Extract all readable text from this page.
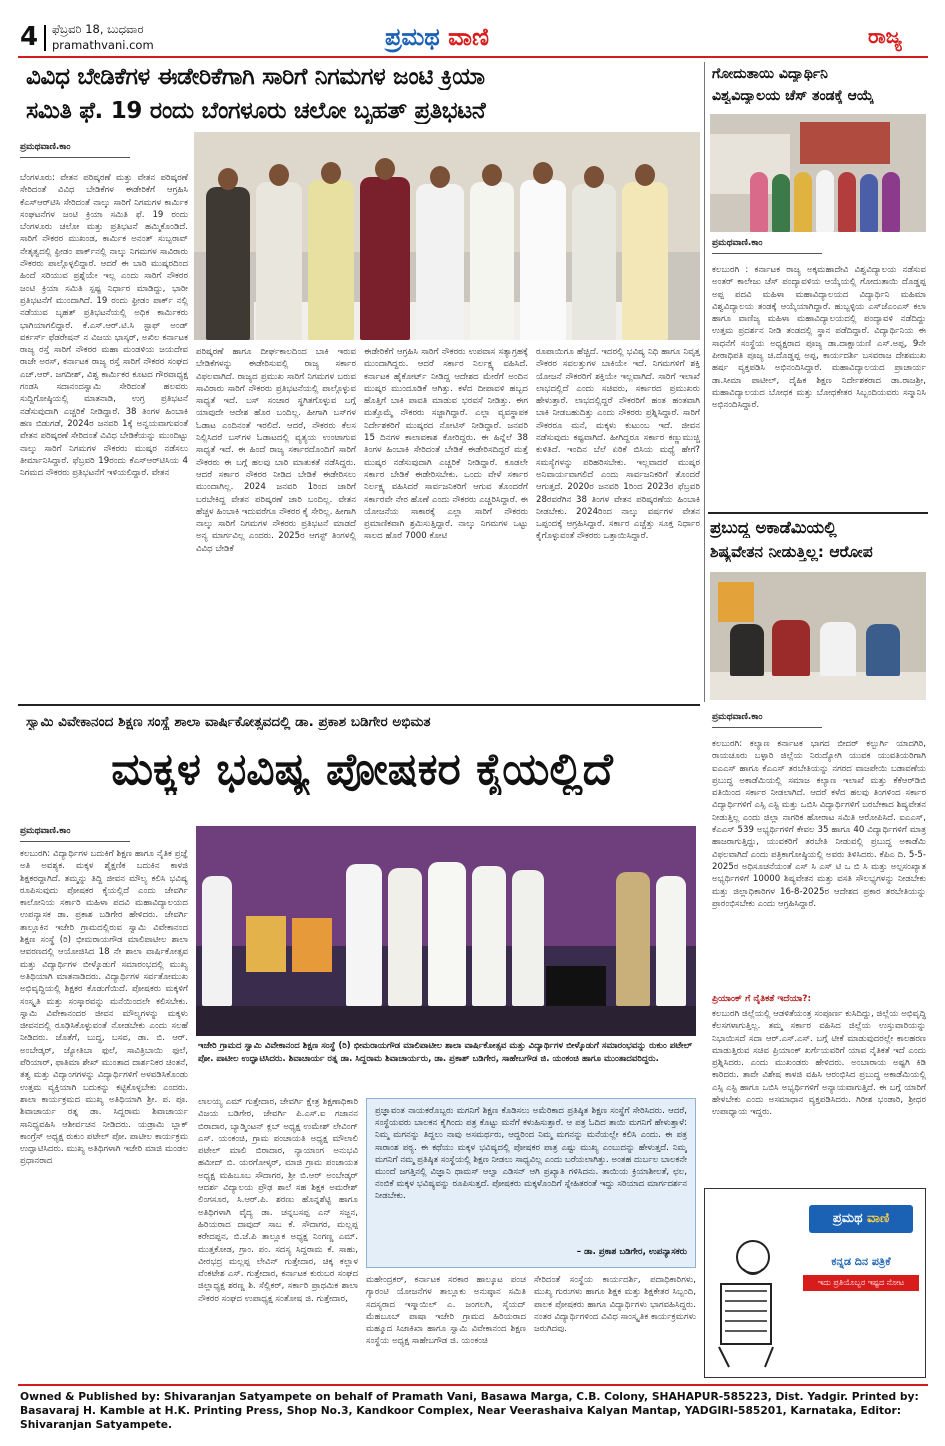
4 ಫೆಬ್ರವರಿ 18, ಬುಧವಾರ
pramathvani.com	ಪ್ರಮಥ ವಾಣಿ	ರಾಜ್ಯ
ವಿವಿಧ ಬೇಡಿಕೆಗಳ ಈಡೇರಿಕೆಗಾಗಿ ಸಾರಿಗೆ ನಿಗಮಗಳ ಜಂಟಿ ಕ್ರಿಯಾ
ಸಮಿತಿ ಫೆ. 19 ರಂದು ಬೆಂಗಳೂರು ಚಲೋ ಬೃಹತ್ ಪ್ರತಿಭಟನೆ
ಪ್ರಮಥವಾಣಿ.ಕಾಂ
ಬೆಂಗಳೂರು: ವೇತನ ಪರಿಷ್ಕರಣೆ ಮತ್ತು ವೇತನ ಪರಿಷ್ಕರಣೆ ಸೇರಿದಂತೆ ವಿವಿಧ ಬೇಡಿಕೆಗಳ ಈಡೇರಿಕೆಗೆ ಆಗ್ರಹಿಸಿ ಕೆಎಸ್‌ಆರ್‌ಟಿಸಿ ಸೇರಿದಂತೆ ನಾಲ್ಕು ಸಾರಿಗೆ ನಿಗಮಗಳ ಕಾರ್ಮಿಕ ಸಂಘಟನೆಗಳ ಜಂಟಿ ಕ್ರಿಯಾ ಸಮಿತಿ ಫೆ. 19 ರಂದು ಬೆಂಗಳೂರು ಚಲೋ ಮತ್ತು ಪ್ರತಿಭಟನೆ ಹಮ್ಮಿಕೊಂಡಿದೆ. ಸಾರಿಗೆ ನೌಕರರ ಮುಖಂಡ, ಕಾರ್ಮಿಕ ಅನಂತ್ ಸುಬ್ಬರಾವ್ ನೇತೃತ್ವದಲ್ಲಿ ಫ್ರೀಡಂ ಪಾರ್ಕ್‌ನಲ್ಲಿ ನಾಲ್ಕು ನಿಗಮಗಳ ಸಾವಿರಾರು ನೌಕರರು ಪಾಲ್ಗೊಳ್ಳಲಿದ್ದಾರೆ. ಆದರೆ ಈ ಬಾರಿ ಮುಷ್ಕರದಿಂದ ಹಿಂದೆ ಸರಿಯುವ ಪ್ರಶ್ನೆಯೇ ಇಲ್ಲ ಎಂದು ಸಾರಿಗೆ ನೌಕರರ ಜಂಟಿ ಕ್ರಿಯಾ ಸಮಿತಿ ಸ್ಪಷ್ಟ ನಿರ್ಧಾರ ಮಾಡಿದ್ದು, ಭಾರೀ ಪ್ರತಿಭಟನೆಗೆ ಮುಂದಾಗಿದೆ. 19 ರಂದು ಫ್ರೀಡಂ ಪಾರ್ಕ್ ನಲ್ಲಿ ನಡೆಯುವ ಬೃಹತ್ ಪ್ರತಿಭಟನೆಯಲ್ಲಿ ಅಧಿಕ ಕಾರ್ಮಿಕರು ಭಾಗಿಯಾಗಲಿದ್ದಾರೆ. ಕೆ.ಎಸ್.ಆರ್.ಟಿ.ಸಿ ಸ್ಟಾಫ್ ಅಂಡ್ ವರ್ಕರ್ಸ್ ಫೆಡರೇಷನ್ ನ ವಿಜಯ ಭಾಸ್ಕರ್, ಅಖಿಲ ಕರ್ನಾಟಕ ರಾಜ್ಯ ರಸ್ತೆ ಸಾರಿಗೆ ನೌಕರರ ಮಹಾ ಮಂಡಳಿಯ ಜಯದೇವ ರಾಜೇ ಅರಸ್, ಕರ್ನಾಟಕ ರಾಜ್ಯ ರಸ್ತೆ ಸಾರಿಗೆ ನೌಕರರ ಸಂಘದ ಎಚ್.ಆರ್. ಜಗದೀಶ್, ವಿಶ್ವ ಕಾರ್ಮಿಕರ ಕೂಟದ ಗೌರವಾಧ್ಯಕ್ಷ ಗಂಡಸಿ ಸದಾನಂದಸ್ವಾಮಿ ಸೇರಿದಂತೆ ಹಲವರು ಸುದ್ದಿಗೋಷ್ಠಿಯಲ್ಲಿ ಮಾತನಾಡಿ, ಉಗ್ರ ಪ್ರತಿಭಟನೆ ನಡೆಸುವುದಾಗಿ ಎಚ್ಚರಿಕೆ ನೀಡಿದ್ದಾರೆ. 38 ತಿಂಗಳ ಹಿಂಬಾಕಿ ಹಣ ಬಿಡುಗಡೆ, 2024ರ ಜನವರಿ 1ಕ್ಕೆ ಅನ್ವಯವಾಗುವಂತೆ ವೇತನ ಪರಿಷ್ಕರಣೆ ಸೇರಿದಂತೆ ವಿವಿಧ ಬೇಡಿಕೆಯನ್ನು ಮುಂದಿಟ್ಟು ನಾಲ್ಕು ಸಾರಿಗೆ ನಿಗಮಗಳ ನೌಕರರು ಮುಷ್ಕರ ನಡೆಸಲು ತೀರ್ಮಾನಿಸಿದ್ದಾರೆ. ಫೆಬ್ರವರಿ 19ರಂದು ಕೆಎಸ್‌ಆರ್‌ಟಿಸಿಯ 4 ನಿಗಮದ ನೌಕರರು ಪ್ರತಿಭಟನೆಗೆ ಇಳಿಯಲಿದ್ದಾರೆ. ವೇತನ
ಪರಿಷ್ಕರಣೆ ಹಾಗೂ ದೀರ್ಘಕಾಲದಿಂದ ಬಾಕಿ ಇರುವ ಬೇಡಿಕೆಗಳನ್ನು ಈಡೇರಿಸುವಲ್ಲಿ ರಾಜ್ಯ ಸರ್ಕಾರ ವಿಫಲವಾಗಿದೆ. ರಾಜ್ಯದ ಪ್ರಮುಖ ಸಾರಿಗೆ ನಿಗಮಗಳ ಬರುವ ಸಾವಿರಾರು ಸಾರಿಗೆ ನೌಕರರು ಪ್ರತಿಭಟನೆಯಲ್ಲಿ ಪಾಲ್ಗೊಳ್ಳುವ ಸಾಧ್ಯತೆ ಇದೆ. ಬಸ್ ಸಂಚಾರ ಸ್ಥಗಿತಗೊಳ್ಳುವ ಬಗ್ಗೆ ಯಾವುದೇ ಆದೇಶ ಹೊರ ಬಂದಿಲ್ಲ. ಹೀಗಾಗಿ ಬಸ್‌ಗಳ ಓಡಾಟ ಎಂದಿನಂತೆ ಇರಲಿದೆ. ಆದರೆ, ನೌಕರರು ಕೆಲಸ ನಿಲ್ಲಿಸಿದರೆ ಬಸ್‌ಗಳ ಓಡಾಟದಲ್ಲಿ ವ್ಯತ್ಯಯ ಉಂಟಾಗುವ ಸಾಧ್ಯತೆ ಇದೆ. ಈ ಹಿಂದೆ ರಾಜ್ಯ ಸರ್ಕಾರದೊಂದಿಗೆ ಸಾರಿಗೆ ನೌಕರರು ಈ ಬಗ್ಗೆ ಹಲವು ಬಾರಿ ಮಾತುಕತೆ ನಡೆಸಿದ್ದರು. ಆದರೆ ಸರ್ಕಾರ ನೌಕರರ ನೀಡಿದ ಬೇಡಿಕೆ ಈಡೇರಿಸಲು ಮುಂದಾಗಿಲ್ಲ. 2024 ಜನವರಿ 1ರಿಂದ ಜಾರಿಗೆ ಬರಬೇಕಿದ್ದ ವೇತನ ಪರಿಷ್ಕರಣೆ ಜಾರಿ ಬಂದಿಲ್ಲ. ವೇತನ ಹೆಚ್ಚಳ ಹಿಂಬಾಕಿ ಇದುವರೆಗೂ ನೌಕರರ ಕೈ ಸೇರಿಲ್ಲ. ಹೀಗಾಗಿ ನಾಲ್ಕು ಸಾರಿಗೆ ನಿಗಮಗಳ ನೌಕರರು ಪ್ರತಿಭಟನೆ ಮಾಡದೆ ಅನ್ಯ ಮಾರ್ಗವಿಲ್ಲ ಎಂದರು. 2025ರ ಆಗಸ್ಟ್ ತಿಂಗಳಲ್ಲಿ ವಿವಿಧ ಬೇಡಿಕೆ
ಈಡೇರಿಕೆಗೆ ಆಗ್ರಹಿಸಿ ಸಾರಿಗೆ ನೌಕರರು ಉಪವಾಸ ಸತ್ಯಾಗ್ರಹಕ್ಕೆ ಮುಂದಾಗಿದ್ದರು. ಆದರೆ ಸರ್ಕಾರ ನಿರ್ಲಕ್ಷ್ಯ ವಹಿಸಿದೆ. ಕರ್ನಾಟಕ ಹೈಕೋರ್ಟ್ ನೀಡಿದ್ದ ಆದೇಶದ ಮೇರೆಗೆ ಅಂದಿನ ಮುಷ್ಕರ ಮುಂದೂಡಿಕೆ ಆಗಿತ್ತು. ಕಳೆದ ದೀಪಾವಳಿ ಹಬ್ಬದ ಹೊತ್ತಿಗೆ ಬಾಕಿ ಪಾವತಿ ಮಾಡುವ ಭರವಸೆ ನೀಡಿತ್ತು. ಈಗ ಮತ್ತೊಮ್ಮೆ ನೌಕರರು ಸಜ್ಜಾಗಿದ್ದಾರೆ. ಎಲ್ಲಾ ವ್ಯವಸ್ಥಾಪಕ ನಿರ್ದೇಶಕರಿಗೆ ಮುಷ್ಕರದ ನೋಟಿಸ್ ನೀಡಿದ್ದಾರೆ. ಜನವರಿ 15 ದಿನಗಳ ಕಾಲಾವಕಾಶ ಕೋರಿದ್ದರು. ಈ ಹಿನ್ನೆಲೆ 38 ತಿಂಗಳ ಹಿಂಬಾಕಿ ಸೇರಿದಂತೆ ಬೇಡಿಕೆ ಈಡೇರಿಸದಿದ್ದರೆ ಮತ್ತೆ ಮುಷ್ಕರ ನಡೆಸುವುದಾಗಿ ಎಚ್ಚರಿಕೆ ನೀಡಿದ್ದಾರೆ. ಕೂಡಲೇ ಸರ್ಕಾರ ಬೇಡಿಕೆ ಈಡೇರಿಸಬೇಕು. ಒಂದು ವೇಳೆ ಸರ್ಕಾರ ನಿರ್ಲಕ್ಷ್ಯ ವಹಿಸಿದರೆ ಸಾರ್ವಜನಿಕರಿಗೆ ಆಗುವ ತೊಂದರೆಗೆ ಸರ್ಕಾರವೇ ನೇರ ಹೊಣೆ ಎಂದು ನೌಕರರು ಎಚ್ಚರಿಸಿದ್ದಾರೆ. ಈ ಯೋಜನೆಯ ಸಾಕಾರಕ್ಕೆ ಎಲ್ಲಾ ಸಾರಿಗೆ ನೌಕರರು ಪ್ರಮಾಣಿಕವಾಗಿ ಶ್ರಮಿಸುತ್ತಿದ್ದಾರೆ. ನಾಲ್ಕು ನಿಗಮಗಳ ಒಟ್ಟು ಸಾಲದ ಹೊರೆ 7000 ಕೋಟಿ
ರೂಪಾಯಿಗೂ ಹೆಚ್ಚಿದೆ. ಇದರಲ್ಲಿ ಭವಿಷ್ಯ ನಿಧಿ ಹಾಗೂ ನಿವೃತ್ತ ನೌಕರರ ಸವಲತ್ತುಗಳ ಬಾಕಿಯೇ ಇದೆ. ನಿಗಮಗಳಿಗೆ ಶಕ್ತಿ ಯೋಜನೆ ನೌಕರರಿಗೆ ಶಕ್ತಿಯೇ ಇಲ್ಲವಾಗಿದೆ. ಸಾರಿಗೆ ಇಲಾಖೆ ಲಾಭದಲ್ಲಿದೆ ಎಂದು ಸಚಿವರು, ಸರ್ಕಾರದ ಪ್ರಮುಖರು ಹೇಳುತ್ತಾರೆ. ಲಾಭದಲ್ಲಿದ್ದರೆ ನೌಕರರಿಗೆ ಹಂತ ಹಂತವಾಗಿ ಬಾಕಿ ನೀಡಬಹುದಿತ್ತು ಎಂದು ನೌಕರರು ಪ್ರಶ್ನಿಸಿದ್ದಾರೆ. ಸಾರಿಗೆ ನೌಕರರೂ ಮನೆ, ಮಕ್ಕಳು ಕುಟುಂಬ ಇದೆ. ಜೀವನ ನಡೆಸುವುದು ಕಷ್ಟವಾಗಿದೆ. ಹೀಗಿದ್ದರೂ ಸರ್ಕಾರ ಕಣ್ಣುಮುಚ್ಚಿ ಕುಳಿತಿದೆ. ಇಂದಿನ ಬೆಲೆ ಏರಿಕೆ ಬಿಸಿಯ ಮಧ್ಯೆ ಹೇಗೆ? ಸಮಸ್ಯೆಗಳನ್ನು ಪರಿಹರಿಸಬೇಕು. ಇಲ್ಲವಾದರೆ ಮುಷ್ಕರ ಅನಿವಾರ್ಯವಾಗಲಿದೆ ಎಂದು ಸಾರ್ವಜನಿಕರಿಗೆ ತೊಂದರೆ ಆಗುತ್ತದೆ. 2020ರ ಜನವರಿ 1ರಿಂದ 2023ರ ಫೆಬ್ರವರಿ 28ರವರೆಗಿನ 38 ತಿಂಗಳ ವೇತನ ಪರಿಷ್ಕರಣೆಯ ಹಿಂಬಾಕಿ ನೀಡಬೇಕು. 2024ರಿಂದ ನಾಲ್ಕು ವರ್ಷಗಳ ವೇತನ ಒಪ್ಪಂದಕ್ಕೆ ಆಗ್ರಹಿಸಿದ್ದಾರೆ. ಸರ್ಕಾರ ಎಚ್ಚೆತ್ತು ಸೂಕ್ತ ನಿರ್ಧಾರ ಕೈಗೊಳ್ಳುವಂತೆ ನೌಕರರು ಒತ್ತಾಯಿಸಿದ್ದಾರೆ.
ಗೋದುತಾಯಿ ವಿದ್ಯಾರ್ಥಿನಿ
ವಿಶ್ವವಿದ್ಯಾಲಯ ಚೆಸ್ ತಂಡಕ್ಕೆ ಆಯ್ಕೆ
ಪ್ರಮಥವಾಣಿ.ಕಾಂ
ಕಲಬುರಗಿ : ಕರ್ನಾಟಕ ರಾಜ್ಯ ಅಕ್ಕಮಹಾದೇವಿ ವಿಶ್ವವಿದ್ಯಾಲಯ ನಡೆಸುವ ಅಂತರ್ ಕಾಲೇಜು ಚೆಸ್ ಪಂದ್ಯಾವಳಿಯ ಆಯ್ಕೆಯಲ್ಲಿ ಗೋದುತಾಯಿ ದೊಡ್ಡಪ್ಪ ಅಪ್ಪ ಪದವಿ ಮಹಿಳಾ ಮಹಾವಿದ್ಯಾಲಯದ ವಿದ್ಯಾರ್ಥಿನಿ ಮಹಿಮಾ ವಿಶ್ವವಿದ್ಯಾಲಯ ತಂಡಕ್ಕೆ ಆಯ್ಕೆಯಾಗಿದ್ದಾರೆ. ಹುಬ್ಬಳ್ಳಿಯ ಎಸ್‌ಜೆಎಂಎಸ್ ಕಲಾ ಹಾಗೂ ವಾಣಿಜ್ಯ ಮಹಿಳಾ ಮಹಾವಿದ್ಯಾಲಯದಲ್ಲಿ ಪಂದ್ಯಾವಳಿ ನಡೆದಿದ್ದು ಉತ್ತಮ ಪ್ರದರ್ಶನ ನೀಡಿ ತಂಡದಲ್ಲಿ ಸ್ಥಾನ ಪಡೆದಿದ್ದಾರೆ. ವಿದ್ಯಾರ್ಥಿನಿಯ ಈ ಸಾಧನೆಗೆ ಸಂಸ್ಥೆಯ ಅಧ್ಯಕ್ಷರಾದ ಪೂಜ್ಯ ಡಾ.ದಾಕ್ಷಾಯಣಿ ಎಸ್.ಅಪ್ಪ, 9ನೇ ಪೀಠಾಧಿಪತಿ ಪೂಜ್ಯ ಚಿ.ದೊಡ್ಡಪ್ಪ ಅಪ್ಪ, ಕಾರ್ಯದರ್ಶಿ ಬಸವರಾಜ ದೇಶಮುಖ ಹರ್ಷ ವ್ಯಕ್ತಪಡಿಸಿ ಅಭಿನಂದಿಸಿದ್ದಾರೆ. ಮಹಾವಿದ್ಯಾಲಯದ ಪ್ರಾಚಾರ್ಯ ಡಾ.ಸೀಮಾ ಪಾಟೀಲ್, ದೈಹಿಕ ಶಿಕ್ಷಣ ನಿರ್ದೇಶಕರಾದ ಡಾ.ರಾಜಶ್ರೀ, ಮಹಾವಿದ್ಯಾಲಯದ ಬೋಧಕ ಮತ್ತು ಬೋಧಕೇತರ ಸಿಬ್ಬಂದಿಯವರು ಸನ್ಮಾನಿಸಿ ಅಭಿನಂದಿಸಿದ್ದಾರೆ.
ಪ್ರಬುದ್ಧ ಅಕಾಡೆಮಿಯಲ್ಲಿ
ಶಿಷ್ಯವೇತನ ನೀಡುತ್ತಿಲ್ಲ: ಆರೋಪ
ಪ್ರಮಥವಾಣಿ.ಕಾಂ
ಕಲಬುರಗಿ: ಕಲ್ಯಾಣ ಕರ್ನಾಟಕ ಭಾಗದ ಬೀದರ್ ಕಲ್ಬುರ್ಗಿ ಯಾದಗಿರಿ, ರಾಯಚೂರು ಬಳ್ಳಾರಿ ಜಿಲ್ಲೆಯ ನಿರುದ್ಯೋಗಿ ಯುವಕ ಯುವತಿಯರಿಗಾಗಿ ಐಎಎಸ್ ಹಾಗೂ ಕೆಎಎಸ್ ತರಬೇತಿಯನ್ನು ನಗರದ ವಾಜಪೇಯಿ ಬಡಾವಣೆಯ ಪ್ರಬುದ್ಧ ಅಕಾಡೆಮಿಯಲ್ಲಿ ಸಮಾಜ ಕಲ್ಯಾಣ ಇಲಾಖೆ ಮತ್ತು ಕೆಕೆಆರ್‌ಡಿಬಿ ವತಿಯಿಂದ ಸರ್ಕಾರ ನೀಡಲಾಗಿದೆ. ಆದರೆ ಕಳೆದ ಹಲವು ತಿಂಗಳಿಂದ ಸರ್ಕಾರ ವಿದ್ಯಾರ್ಥಿಗಳಿಗೆ ಎಸ್ಸಿ ಎಸ್ಟಿ ಮತ್ತು ಒಬಿಸಿ ವಿದ್ಯಾರ್ಥಿಗಳಿಗೆ ಬರಬೇಕಾದ ಶಿಷ್ಯವೇತನ ನೀಡುತ್ತಿಲ್ಲ ಎಂದು ಜಿಲ್ಲಾ ನಾಗರಿಕ ಹೋರಾಟ ಸಮಿತಿ ಆರೋಪಿಸಿದೆ. ಐಎಎಸ್, ಕೆಎಎಸ್ 539 ಅಭ್ಯರ್ಥಿಗಳಿಗೆ ಕೇವಲ 35 ಹಾಗೂ 40 ವಿದ್ಯಾರ್ಥಿಗಳಿಗೆ ಮಾತ್ರ ಹಾಜರಾಗುತ್ತಿದ್ದು, ಯುವಕರಿಗೆ ತರಬೇತಿ ನೀಡುವಲ್ಲಿ ಪ್ರಬುದ್ಧ ಅಕಾಡೆಮಿ ವಿಫಲವಾಗಿದೆ ಎಂದು ಪತ್ರಿಕಾಗೋಷ್ಠಿಯಲ್ಲಿ ಅವರು ತಿಳಿಸಿದರು. ಕೆಪಿಎ ದಿ. 5-5-2025ರ ಅಧಿಸೂಚನೆಯಂತೆ ಎಸ್ ಸಿ ಎಸ್ ಟಿ ಒ ಬಿ ಸಿ ಮತ್ತು ಅಲ್ಪಸಂಖ್ಯಾತ ಅಭ್ಯರ್ಥಿಗಳಿಗೆ 10000 ಶಿಷ್ಯವೇತನ ಮತ್ತು ವಸತಿ ಸೌಲಭ್ಯಗಳನ್ನು ನೀಡಬೇಕು ಮತ್ತು ಜಿಲ್ಲಾಧಿಕಾರಿಗಳ 16-8-2025ರ ಆದೇಶದ ಪ್ರಕಾರ ತರಬೇತಿಯನ್ನು ಪ್ರಾರಂಭಿಸಬೇಕು ಎಂದು ಆಗ್ರಹಿಸಿದ್ದಾರೆ.
ಪ್ರಿಯಾಂಕ್ ಗೆ ನೈತಿಕತೆ ಇದೆಯಾ?:
ಕಲಬುರಗಿ ಜಿಲ್ಲೆಯಲ್ಲಿ ಆಡಳಿತೆಯಂತ್ರ ಸಂಪೂರ್ಣ ಕುಸಿದಿದ್ದು, ಜಿಲ್ಲೆಯ ಅಭಿವೃದ್ಧಿ ಕೆಲಸಗಳಾಗುತ್ತಿಲ್ಲ. ತಮ್ಮ ಸರ್ಕಾರ ವಹಿಸಿದ ಜಿಲ್ಲೆಯ ಉಸ್ತುವಾರಿಯನ್ನು ನಿಭಾಯಿಸದೆ ಸದಾ ಆರ್.ಎಸ್.ಎಸ್. ಬಗ್ಗೆ ಟೀಕೆ ಮಾಡುವುದರಲ್ಲೇ ಕಾಲಹರಣ ಮಾಡುತ್ತಿರುವ ಸಚಿವ ಪ್ರಿಯಾಂಕ್ ಖರ್ಗೆಯವರಿಗೆ ಯಾವ ನೈತಿಕತೆ ಇದೆ ಎಂದು ಪ್ರಶ್ನಿಸಿದರು. ಎಂದು ಮುಖಂಡರು ಹೇಳಿದರು. ಅಂಬಾರಾಯ ಅಷ್ಟಗಿ ಕಿಡಿ ಕಾರಿದರು. ತಾವೇ ವಿಶೇಷ ಕಾಳಜಿ ವಹಿಸಿ ಆರಂಭಿಸಿದ ಪ್ರಬುದ್ಧ ಅಕಾಡೆಮಿಯಲ್ಲಿ ಎಸ್ಸಿ ಎಸ್ಟಿ ಹಾಗೂ ಒಬಿಸಿ ಅಭ್ಯರ್ಥಿಗಳಿಗೆ ಅನ್ಯಾಯವಾಗುತ್ತಿದೆ. ಈ ಬಗ್ಗೆ ಯಾರಿಗೆ ಹೇಳಬೇಕು ಎಂದು ಅಸಮಾಧಾನ ವ್ಯಕ್ತಪಡಿಸಿದರು. ಗಿರೀಶ ಭಂಡಾರಿ, ಶ್ರೀಧರ ಉಪಾಧ್ಯಾಯ ಇದ್ದರು.
ಪ್ರಮಥ ವಾಣಿ
ಕನ್ನಡ ದಿನ ಪತ್ರಿಕೆ
ಇದು ಪ್ರತಿಯೊಬ್ಬರ ಇಷ್ಟದ ನೋಟ
ಸ್ವಾಮಿ ವಿವೇಕಾನಂದ ಶಿಕ್ಷಣ ಸಂಸ್ಥೆ ಶಾಲಾ ವಾರ್ಷಿಕೋತ್ಸವದಲ್ಲಿ ಡಾ. ಪ್ರಕಾಶ ಬಡಿಗೇರ ಅಭಿಮತ
ಮಕ್ಕಳ ಭವಿಷ್ಯ ಪೋಷಕರ ಕೈಯಲ್ಲಿದೆ
ಪ್ರಮಥವಾಣಿ.ಕಾಂ
ಕಲಬುರಗಿ: ವಿದ್ಯಾರ್ಥಿಗಳ ಬದುಕಿಗೆ ಶಿಕ್ಷಣ ಹಾಗೂ ನೈತಿಕ ಪ್ರಜ್ಞೆ ಅತಿ ಅವಶ್ಯಕ. ಮಕ್ಕಳ ಶೈಕ್ಷಣಿಕ ಬದುಕಿನ ಕಾಳಜಿ ಶಿಕ್ಷಕರದ್ದಾಗಿದೆ. ತಮ್ಮನ್ನು ತಿದ್ದಿ ಜೀವನ ಮೌಲ್ಯ ಕಲಿಸಿ ಭವಿಷ್ಯ ರೂಪಿಸುವುದು ಪೋಷಕರ ಕೈಯಲ್ಲಿದೆ ಎಂದು ಜೇವರ್ಗಿ ಕಾಲೋನಿಯ ಸರ್ಕಾರಿ ಮಹಿಳಾ ಪದವಿ ಮಹಾವಿದ್ಯಾಲಯದ ಉಪನ್ಯಾಸಕ ಡಾ. ಪ್ರಕಾಶ ಬಡಿಗೇರ ಹೇಳಿದರು. ಜೇವರ್ಗಿ ತಾಲ್ಲೂಕಿನ ಇಜೇರಿ ಗ್ರಾಮದಲ್ಲಿರುವ ಸ್ವಾಮಿ ವಿವೇಕಾನಂದ ಶಿಕ್ಷಣ ಸಂಸ್ಥೆ (ರಿ) ಭೀಮರಾಯಗೌಡ ಮಾಲಿಪಾಟೀಲ ಶಾಲಾ ಆವರಣದಲ್ಲಿ ಆಯೋಜಿಸಿದ 18 ನೇ ಶಾಲಾ ವಾರ್ಷಿಕೋತ್ಸವ ಮತ್ತು ವಿದ್ಯಾರ್ಥಿಗಳ ಬೀಳ್ಕೊಡುಗೆ ಸಮಾರಂಭದಲ್ಲಿ ಮುಖ್ಯ ಅತಿಥಿಯಾಗಿ ಮಾತನಾಡಿದರು. ವಿದ್ಯಾರ್ಥಿಗಳ ಸರ್ವತೋಮುಖ ಅಭಿವೃದ್ಧಿಯಲ್ಲಿ ಶಿಕ್ಷಕರ ಕೊಡುಗೆಯಿದೆ. ಪೋಷಕರು ಮಕ್ಕಳಿಗೆ ಸಂಸ್ಕೃತಿ ಮತ್ತು ಸಂಸ್ಕಾರವನ್ನು ಮನೆಯಿಂದಲೇ ಕಲಿಸಬೇಕು. ಸ್ವಾಮಿ ವಿವೇಕಾನಂದರ ಜೀವನ ಮೌಲ್ಯಗಳನ್ನು ಮಕ್ಕಳು ಜೀವನದಲ್ಲಿ ರೂಢಿಸಿಕೊಳ್ಳುವಂತೆ ನೋಡಬೇಕು ಎಂದು ಸಲಹೆ ನೀಡಿದರು. ಜೊತೆಗೆ, ಬುದ್ಧ, ಬಸವ, ಡಾ. ಬಿ. ಆರ್. ಅಂಬೇಡ್ಕರ್, ಜ್ಯೋತಿಬಾ ಫುಲೆ, ಸಾವಿತ್ರಿಬಾಯಿ ಫುಲೆ, ಪೆರಿಯಾರ್, ಫಾತಿಮಾ ಶೇಖ್ ಮುಂತಾದ ದಾರ್ಶನಿಕರ ಚಿಂತನೆ, ತತ್ವ ಮತ್ತು ವಿದ್ಯಾಂಗಗಳನ್ನು ವಿದ್ಯಾರ್ಥಿಗಳಿಗೆ ಅಳವಡಿಸಿಕೊಂಡು ಉತ್ತಮ ವ್ಯಕ್ತಿಯಾಗಿ ಬದುಕನ್ನು ಕಟ್ಟಿಕೊಳ್ಳಬೇಕು ಎಂದರು. ಶಾಲಾ ಕಾರ್ಯಕ್ರಮದ ಮುಖ್ಯ ಅತಿಥಿಯಾಗಿ ಶ್ರೀ. ಪ. ಪೂ. ಶಿವಾಚಾರ್ಯ ರತ್ನ ಡಾ. ಸಿದ್ದರಾಮ ಶಿವಾಚಾರ್ಯ ಸಾನಿಧ್ಯವಹಿಸಿ ಆಶೀರ್ವಚನ ನೀಡಿದರು. ಯಡ್ರಾಮಿ ಬ್ಲಾಕ್ ಕಾಂಗ್ರೆಸ್ ಅಧ್ಯಕ್ಷ ರುಕುಂ ಪಟೇಲ್ ಪೋ. ಪಾಟೀಲ ಕಾರ್ಯಕ್ರಮ ಉದ್ಘಾಟಿಸಿದರು. ಮುಖ್ಯ ಅತಿಥಿಗಳಾಗಿ ಇಜೇರಿ ಮಾಜಿ ಮಂಡಲ ಪ್ರಧಾನರಾದ
ಇಜೇರಿ ಗ್ರಾಮದ ಸ್ವಾಮಿ ವಿವೇಕಾನಂದ ಶಿಕ್ಷಣ ಸಂಸ್ಥೆ (ರಿ) ಭೀಮರಾಯಗೌಡ ಮಾಲಿಪಾಟೀಲ ಶಾಲಾ ವಾರ್ಷಿಕೋತ್ಸವ ಮತ್ತು ವಿದ್ಯಾರ್ಥಿಗಳ ಬೀಳ್ಕೊಡುಗೆ ಸಮಾರಂಭವನ್ನು ರುಕುಂ ಪಟೇಲ್ ಪೋ. ಪಾಟೀಲ ಉದ್ಘಾಟಿಸಿದರು. ಶಿವಾಚಾರ್ಯ ರತ್ನ ಡಾ. ಸಿದ್ದರಾಮ ಶಿವಾಚಾರ್ಯರು, ಡಾ. ಪ್ರಕಾಶ್ ಬಡಿಗೇರ, ಸಾಹೇಬಗೌಡ ಜಿ. ಯಂಕಂಚಿ ಹಾಗೂ ಮುಂತಾದವರಿದ್ದರು.
ಲಾಲಯ್ಯ ಎಮ್ ಗುತ್ತೇದಾರ, ಜೇವರ್ಗಿ ಕ್ಷೇತ್ರ ಶಿಕ್ಷಣಾಧಿಕಾರಿ ವಿಜಯ ಬಡಿಗೇರ, ಜೇವರ್ಗಿ ಪಿ.ಎಸ್.ಐ ಗಜಾನನ ಬಿರಾದಾರ, ಬ್ಯಾಡ್ಮಿಂಟನ್ ಕ್ಲಬ್ ಅಧ್ಯಕ್ಷ ಉಮೇಶ್ ಲೇವಿಂಗ್ ಎಸ್. ಯಂಕಂಚಿ, ಗ್ರಾಮ ಪಂಚಾಯತಿ ಅಧ್ಯಕ್ಷ ಮೌಲಾಲಿ ಪಟೇಲ್ ಮಾಲಿ ಬಿರಾದಾರ, ನ್ಯಾಯಾಂಗ ಅನುಭವಿ ಹಮೀದ್ ಬಿ. ಯರಗೋಳ್ಕರ್, ಮಾಜಿ ಗ್ರಾಮ ಪಂಚಾಯತ ಅಧ್ಯಕ್ಷ ಮಹಿಬೂಬ ಸೌದಾಗರ, ಶ್ರೀ ಬಿ.ಆರ್ ಅಂಬೇಡ್ಕರ್ ಆದರ್ಶ ವಿದ್ಯಾಲಯ ಪ್ರೌಢ ಶಾಲೆ ಸಹ ಶಿಕ್ಷಕ ಅಮರೇಶ್ ಲಿಂಗಸೂರ, ಸಿ.ಆರ್.ಪಿ. ಶರಣು ಹೊನ್ನಶೆಟ್ಟಿ ಹಾಗೂ ಅತಿಥಿಗಳಾಗಿ ವೈದ್ಯ ಡಾ. ಚನ್ನಬಸಪ್ಪ ಎನ್ ಸಜ್ಜನ, ಹಿರಿಯರಾದ ದಾವುದ್ ಸಾಬ ಕೆ. ಸೌದಾಗರ, ಮಲ್ಲಪ್ಪ ಕರೇದಪ್ಪನ, ಬಿ.ಜೆ.ಪಿ ತಾಲ್ಲೂಕ ಅಧ್ಯಕ್ಷ ನಿಂಗಣ್ಣ ಎಮ್. ಮುತ್ತಕೋಡ, ಗ್ರಾಂ. ಪಂ. ಸದಸ್ಯ ಸಿದ್ದರಾಮ ಕೆ. ಸಾಹು, ವೀರಭದ್ರ ಮಲ್ಲಪ್ಪ ಲೇವಿನ್ ಗುತ್ತೇದಾರ, ಚಿಕ್ಕ ಕಲ್ಲಾಳ ವೆಂಕಟೇಶ ಎಸ್. ಗುತ್ತೇದಾರ, ಕರ್ನಾಟಕ ಕುರುಬರ ಸಂಘದ ಜಿಲ್ಲಾಧ್ಯಕ್ಷ ಶರಣ್ಣ ಶಿ. ಸೆಲ್ಲಿಕರ್, ಸರ್ಕಾರಿ ಪ್ರಾಥಮಿಕ ಶಾಲಾ ನೌಕರರ ಸಂಘದ ಉಪಾಧ್ಯಕ್ಷ ಸಂತೋಷ ಜಿ. ಗುತ್ತೇದಾರ,
ಪ್ರಜ್ಞಾವಂತ ನಾಯಕರೊಬ್ಬರು ಮಗನಿಗೆ ಶಿಕ್ಷಣ ಕೊಡಿಸಲು ಅಮೆರಿಕಾದ ಪ್ರತಿಷ್ಠಿತ ಶಿಕ್ಷಣ ಸಂಸ್ಥೆಗೆ ಸೇರಿಸಿದರು. ಆದರೆ, ಸಂಸ್ಥೆಯವರು ಬಾಲಕನ ಕೈಗಿಂದು ಪತ್ರ ಕೊಟ್ಟು ಮನೆಗೆ ಕಳುಹಿಸುತ್ತಾರೆ. ಆ ಪತ್ರ ಓದಿದ ತಾಯಿ ಮಗನಿಗೆ ಹೇಳುತ್ತಾಳೆ: ನಿಮ್ಮ ಮಗನನ್ನು ತಿದ್ದಲು ನಾವು ಅಸಮರ್ಥರು, ಆದ್ದರಿಂದ ನಿಮ್ಮ ಮಗನನ್ನು ಮನೆಯಲ್ಲೇ ಕಲಿಸಿ ಎಂದು. ಈ ಪತ್ರ ಸಾರಾಂಶ ಪಠ್ಯ. ಈ ಕಥೆಯು ಮಕ್ಕಳ ಭವಿಷ್ಯದಲ್ಲಿ ಪೋಷಕರ ಪಾತ್ರ ಎಷ್ಟು ಮುಖ್ಯ ಎಂಬುದನ್ನು ಹೇಳುತ್ತದೆ. ನಿಮ್ಮ ಮಗನಿಗೆ ನಮ್ಮ ಪ್ರತಿಷ್ಠಿತ ಸಂಸ್ಥೆಯಲ್ಲಿ ಶಿಕ್ಷಣ ನೀಡಲು ಸಾಧ್ಯವಿಲ್ಲ ಎಂದು ಬರೆಯಲಾಗಿತ್ತು. ಅಂತಹ ದುರ್ಬಲ ಬಾಲಕನೇ ಮುಂದೆ ಜಗತ್ತಿನಲ್ಲಿ ವಿಜ್ಞಾನಿ ಥಾಮಸ್ ಆಲ್ವಾ ಎಡಿಸನ್ ಆಗಿ ಪ್ರಖ್ಯಾತಿ ಗಳಿಸಿದನು. ತಾಯಿಯ ಕ್ರಿಯಾಶೀಲತೆ, ಛಲ, ನಂಬಿಕೆ ಮಕ್ಕಳ ಭವಿಷ್ಯವನ್ನು ರೂಪಿಸುತ್ತದೆ. ಪೋಷಕರು ಮಕ್ಕಳೊಂದಿಗೆ ಸ್ನೇಹಿತರಂತೆ ಇದ್ದು ಸರಿಯಾದ ಮಾರ್ಗದರ್ಶನ ನೀಡಬೇಕು.
– ಡಾ. ಪ್ರಕಾಶ ಬಡಿಗೇರ, ಉಪನ್ಯಾಸಕರು
ಮಹೇಂದ್ರಕರ್, ಕರ್ನಾಟಕ ಸರಕಾರ ಹಾಲ್ಕೂಟ ಪಂಚ ಗ್ಯಾರಂಟಿ ಯೋಜನೆಗಳ ತಾಲ್ಲೂಕು ಅನುಷ್ಠಾನ ಸಮಿತಿ ಸದಸ್ಯರಾದ ಇಸ್ಮಾಯಿಲ್ ಎ. ಜಂಗಲಗಿ, ಸೈಯದ್ ಮೆಹಬೂಬ್ ಪಾಷಾ ಇಜೇರಿ ಗ್ರಾಮದ ಹಿರಿಯರಾದ ಮಹ್ಮೂದ ಸಿಜಾಕಿಖಾ ಹಾಗೂ ಸ್ವಾಮಿ ವಿವೇಕಾನಂದ ಶಿಕ್ಷಣ ಸಂಸ್ಥೆಯ ಅಧ್ಯಕ್ಷ ಸಾಹೇಬಗೌಡ ಜಿ. ಯಂಕಂಚಿ
ಸೇರಿದಂತೆ ಸಂಸ್ಥೆಯ ಕಾರ್ಯದರ್ಶಿ, ಪದಾಧಿಕಾರಿಗಳು, ಮುಖ್ಯ ಗುರುಗಳು ಹಾಗೂ ಶಿಕ್ಷಕ ಮತ್ತು ಶಿಕ್ಷಕೇತರ ಸಿಬ್ಬಂದಿ, ಪಾಲಕ ಪೋಷಕರು ಹಾಗೂ ವಿದ್ಯಾರ್ಥಿಗಳು ಭಾಗವಹಿಸಿದ್ದರು. ನಂತರ ವಿದ್ಯಾರ್ಥಿಗಳಿಂದ ವಿವಿಧ ಸಾಂಸ್ಕೃತಿಕ ಕಾರ್ಯಕ್ರಮಗಳು ಜರುಗಿದವು.
Owned & Published by: Shivaranjan Satyampete on behalf of Pramath Vani, Basawa Marga, C.B. Colony, SHAHAPUR-585223, Dist. Yadgir. Printed by: Basavaraj H. Kamble at H.K. Printing Press, Shop No.3, Kandkoor Complex, Near Veerashaiva Kalyan Mantap, YADGIRI-585201, Karnataka, Editor: Shivaranjan Satyampete.
